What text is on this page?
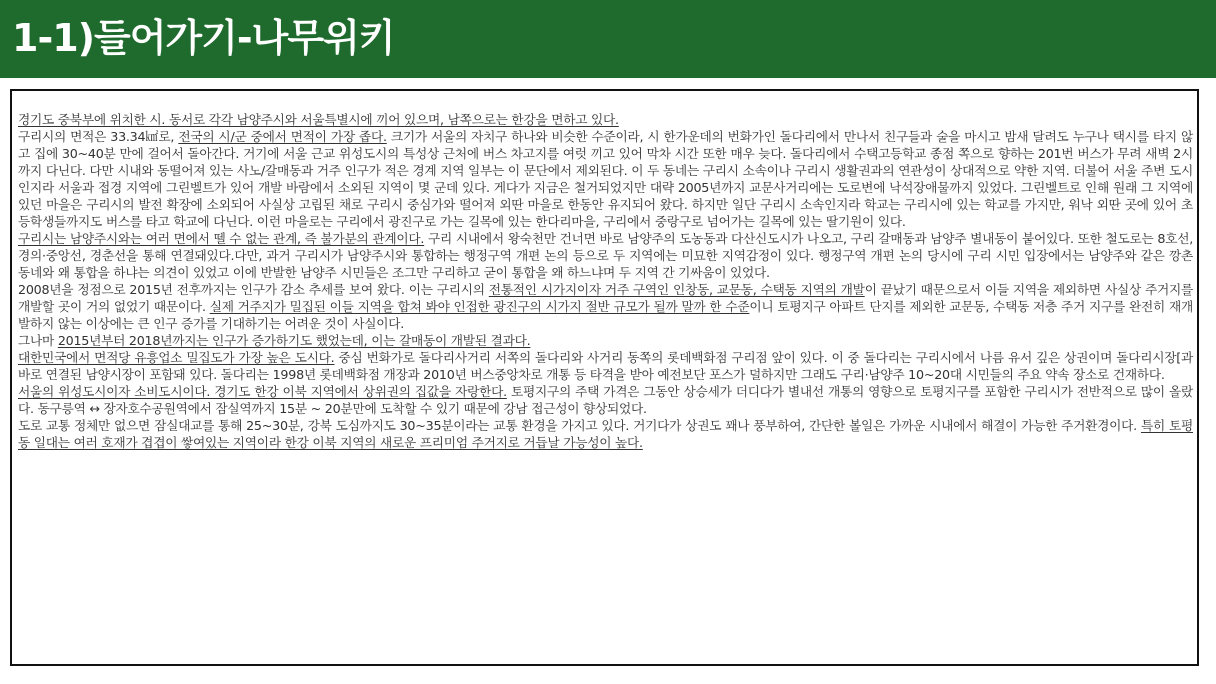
1-1)들어가기-나무위키

경기도 중북부에 위치한 시. 동서로 각각 남양주시와 서울특별시에 끼어 있으며, 남쪽으로는 한강을 면하고 있다.

구리시의 면적은 33.34㎢로, 전국의 시/군 중에서 면적이 가장 좁다. 크기가 서울의 자치구 하나와 비슷한 수준이라, 시 한가운데의 번화가인 돌다리에서 만나서 친구들과 술을 마시고 밤새 달려도 누구나 택시를 타지 않고 집에 30~40분 만에 걸어서 돌아간다. 거기에 서울 근교 위성도시의 특성상 근처에 버스 차고지를 여럿 끼고 있어 막차 시간 또한 매우 늦다. 돌다리에서 수택고등학교 종점 쪽으로 향하는 201번 버스가 무려 새벽 2시까지 다닌다. 다만 시내와 동떨어져 있는 사노/갈매동과 거주 인구가 적은 경계 지역 일부는 이 문단에서 제외된다. 이 두 동네는 구리시 소속이나 구리시 생활권과의 연관성이 상대적으로 약한 지역. 더불어 서울 주변 도시인지라 서울과 접경 지역에 그린벨트가 있어 개발 바람에서 소외된 지역이 몇 군데 있다. 게다가 지금은 철거되었지만 대략 2005년까지 교문사거리에는 도로변에 낙석장애물까지 있었다. 그린벨트로 인해 원래 그 지역에 있던 마을은 구리시의 발전 확장에 소외되어 사실상 고립된 채로 구리시 중심가와 떨어져 외딴 마을로 한동안 유지되어 왔다. 하지만 일단 구리시 소속인지라 학교는 구리시에 있는 학교를 가지만, 워낙 외딴 곳에 있어 초등학생들까지도 버스를 타고 학교에 다닌다. 이런 마을로는 구리에서 광진구로 가는 길목에 있는 한다리마을, 구리에서 중랑구로 넘어가는 길목에 있는 딸기원이 있다.

구리시는 남양주시와는 여러 면에서 뗄 수 없는 관계, 즉 불가분의 관계이다. 구리 시내에서 왕숙천만 건너면 바로 남양주의 도농동과 다산신도시가 나오고, 구리 갈매동과 남양주 별내동이 붙어있다. 또한 철도로는 8호선, 경의·중앙선, 경춘선을 통해 연결돼있다.다만, 과거 구리시가 남양주시와 통합하는 행정구역 개편 논의 등으로 두 지역에는 미묘한 지역감정이 있다. 행정구역 개편 논의 당시에 구리 시민 입장에서는 남양주와 같은 깡촌 동네와 왜 통합을 하냐는 의견이 있었고 이에 반발한 남양주 시민들은 조그만 구리하고 굳이 통합을 왜 하느냐며 두 지역 간 기싸움이 있었다.

2008년을 정점으로 2015년 전후까지는 인구가 감소 추세를 보여 왔다. 이는 구리시의 전통적인 시가지이자 거주 구역인 인창동, 교문동, 수택동 지역의 개발이 끝났기 때문으로서 이들 지역을 제외하면 사실상 주거지를 개발할 곳이 거의 없었기 때문이다. 실제 거주지가 밀집된 이들 지역을 합쳐 봐야 인접한 광진구의 시가지 절반 규모가 될까 말까 한 수준이니 토평지구 아파트 단지를 제외한 교문동, 수택동 저층 주거 지구를 완전히 재개발하지 않는 이상에는 큰 인구 증가를 기대하기는 어려운 것이 사실이다.

그나마 2015년부터 2018년까지는 인구가 증가하기도 했었는데, 이는 갈매동이 개발된 결과다.

대한민국에서 면적당 유흥업소 밀집도가 가장 높은 도시다. 중심 번화가로 돌다리사거리 서쪽의 돌다리와 사거리 동쪽의 롯데백화점 구리점 앞이 있다. 이 중 돌다리는 구리시에서 나름 유서 깊은 상권이며 돌다리시장[과 바로 연결된 남양시장이 포함돼 있다. 돌다리는 1998년 롯데백화점 개장과 2010년 버스중앙차로 개통 등 타격을 받아 예전보단 포스가 덜하지만 그래도 구리·남양주 10~20대 시민들의 주요 약속 장소로 건재하다.

서울의 위성도시이자 소비도시이다. 경기도 한강 이북 지역에서 상위권의 집값을 자랑한다. 토평지구의 주택 가격은 그동안 상승세가 더디다가 별내선 개통의 영향으로 토평지구를 포함한 구리시가 전반적으로 많이 올랐다. 동구릉역 ↔ 장자호수공원역에서 잠실역까지 15분 ~ 20분만에 도착할 수 있기 때문에 강남 접근성이 향상되었다.

도로 교통 정체만 없으면 잠실대교를 통해 25~30분, 강북 도심까지도 30~35분이라는 교통 환경을 가지고 있다. 거기다가 상권도 꽤나 풍부하여, 간단한 볼일은 가까운 시내에서 해결이 가능한 주거환경이다. 특히 토평동 일대는 여러 호재가 겹겹이 쌓여있는 지역이라 한강 이북 지역의 새로운 프리미엄 주거지로 거듭날 가능성이 높다.
